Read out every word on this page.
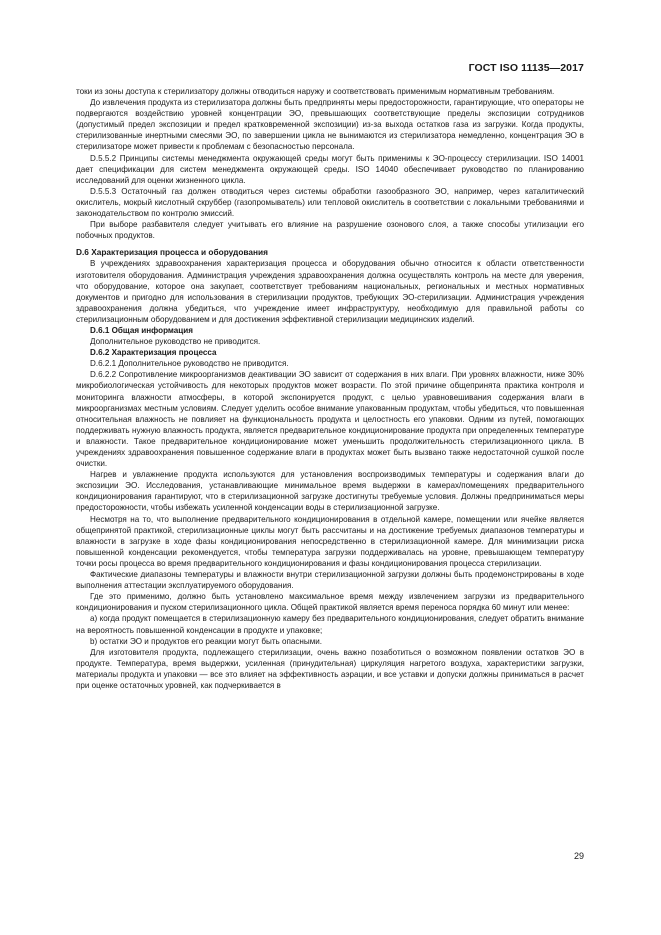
ГОСТ ISO 11135—2017

токи из зоны доступа к стерилизатору должны отводиться наружу и соответствовать применимым нормативным требованиям.

До извлечения продукта из стерилизатора должны быть предприняты меры предосторожности, гарантирующие, что операторы не подвергаются воздействию уровней концентрации ЭО, превышающих соответствующие пределы экспозиции сотрудников (допустимый предел экспозиции и предел кратковременной экспозиции) из-за выхода остатков газа из загрузки. Когда продукты, стерилизованные инертными смесями ЭО, по завершении цикла не вынимаются из стерилизатора немедленно, концентрация ЭО в стерилизаторе может привести к проблемам с безопасностью персонала.

D.5.5.2 Принципы системы менеджмента окружающей среды могут быть применимы к ЭО-процессу стерилизации. ISO 14001 дает спецификации для систем менеджмента окружающей среды. ISO 14040 обеспечивает руководство по планированию исследований для оценки жизненного цикла.

D.5.5.3 Остаточный газ должен отводиться через системы обработки газообразного ЭО, например, через каталитический окислитель, мокрый кислотный скруббер (газопромыватель) или тепловой окислитель в соответствии с локальными требованиями и законодательством по контролю эмиссий.

При выборе разбавителя следует учитывать его влияние на разрушение озонового слоя, а также способы утилизации его побочных продуктов.

D.6 Характеризация процесса и оборудования

В учреждениях здравоохранения характеризация процесса и оборудования обычно относится к области ответственности изготовителя оборудования. Администрация учреждения здравоохранения должна осуществлять контроль на месте для уверения, что оборудование, которое она закупает, соответствует требованиям национальных, региональных и местных нормативных документов и пригодно для использования в стерилизации продуктов, требующих ЭО-стерилизации. Администрация учреждения здравоохранения должна убедиться, что учреждение имеет инфраструктуру, необходимую для правильной работы со стерилизационным оборудованием и для достижения эффективной стерилизации медицинских изделий.

D.6.1 Общая информация

Дополнительное руководство не приводится.

D.6.2 Характеризация процесса

D.6.2.1 Дополнительное руководство не приводится.

D.6.2.2 Сопротивление микроорганизмов деактивации ЭО зависит от содержания в них влаги. При уровнях влажности, ниже 30% микробиологическая устойчивость для некоторых продуктов может возрасти. По этой причине общепринята практика контроля и мониторинга влажности атмосферы, в которой экспонируется продукт, с целью уравновешивания содержания влаги в микроорганизмах местным условиям. Следует уделить особое внимание упакованным продуктам, чтобы убедиться, что повышенная относительная влажность не повлияет на функциональность продукта и целостность его упаковки. Одним из путей, помогающих поддерживать нужную влажность продукта, является предварительное кондиционирование продукта при определенных температуре и влажности. Такое предварительное кондиционирование может уменьшить продолжительность стерилизационного цикла. В учреждениях здравоохранения повышенное содержание влаги в продуктах может быть вызвано также недостаточной сушкой после очистки.

Нагрев и увлажнение продукта используются для установления воспроизводимых температуры и содержания влаги до экспозиции ЭО. Исследования, устанавливающие минимальное время выдержки в камерах/помещениях предварительного кондиционирования гарантируют, что в стерилизационной загрузке достигнуты требуемые условия. Должны предприниматься меры предосторожности, чтобы избежать усиленной конденсации воды в стерилизационной загрузке.

Несмотря на то, что выполнение предварительного кондиционирования в отдельной камере, помещении или ячейке является общепринятой практикой, стерилизационные циклы могут быть рассчитаны и на достижение требуемых диапазонов температуры и влажности в загрузке в ходе фазы кондиционирования непосредственно в стерилизационной камере. Для минимизации риска повышенной конденсации рекомендуется, чтобы температура загрузки поддерживалась на уровне, превышающем температуру точки росы процесса во время предварительного кондиционирования и фазы кондиционирования процесса стерилизации.

Фактические диапазоны температуры и влажности внутри стерилизационной загрузки должны быть продемонстрированы в ходе выполнения аттестации эксплуатируемого оборудования.

Где это применимо, должно быть установлено максимальное время между извлечением загрузки из предварительного кондиционирования и пуском стерилизационного цикла. Общей практикой является время переноса порядка 60 минут или менее:

a) когда продукт помещается в стерилизационную камеру без предварительного кондиционирования, следует обратить внимание на вероятность повышенной конденсации в продукте и упаковке;

b) остатки ЭО и продуктов его реакции могут быть опасными.

Для изготовителя продукта, подлежащего стерилизации, очень важно позаботиться о возможном появлении остатков ЭО в продукте. Температура, время выдержки, усиленная (принудительная) циркуляция нагретого воздуха, характеристики загрузки, материалы продукта и упаковки — все это влияет на эффективность аэрации, и все уставки и допуски должны приниматься в расчет при оценке остаточных уровней, как подчеркивается в

29
